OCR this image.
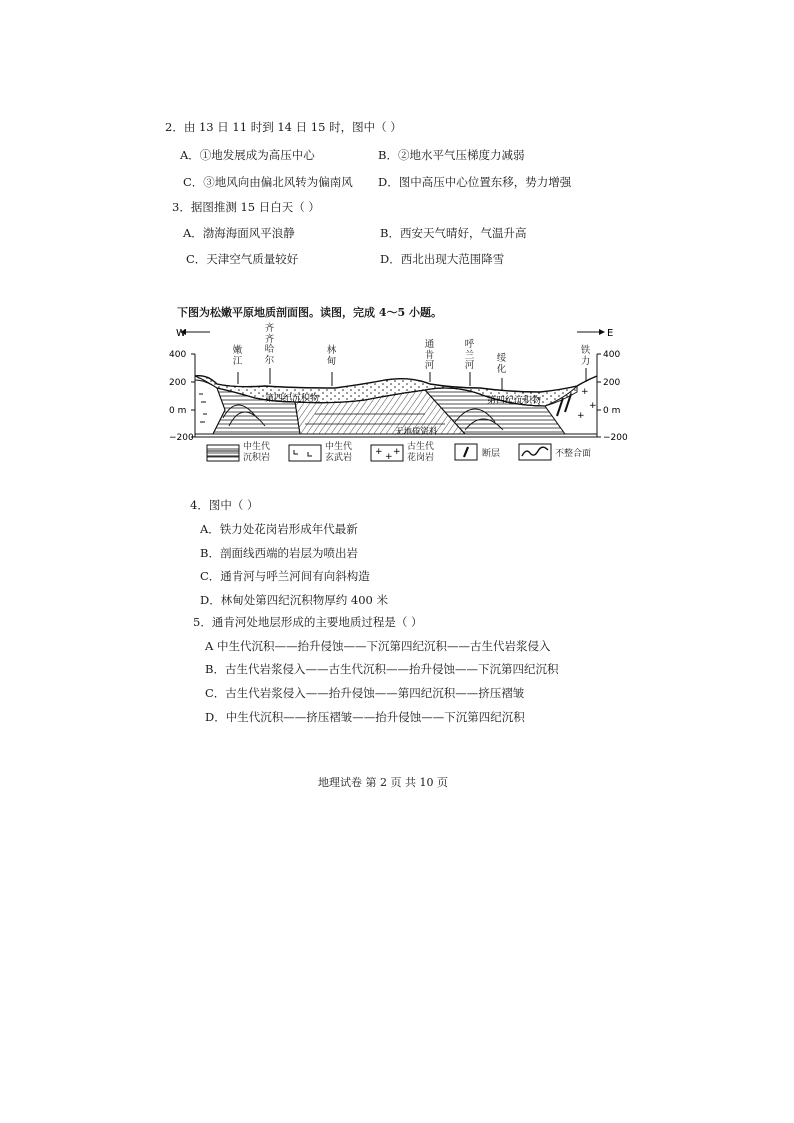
2．由 13 日 11 时到 14 日 15 时，图中（ ）
A．①地发展成为高压中心	B．②地水平气压梯度力减弱
C．③地风向由偏北风转为偏南风 D．图中高压中心位置东移，势力增强
3．据图推测 15 日白天（ ）
A．渤海海面风平浪静	B．西安天气晴好，气温升高
C．天津空气质量较好	D．西北出现大范围降雪
下图为松嫩平原地质剖面图。读图，完成 4～5 小题。
+
+
+
W	E
400
200
0 m
−200
400
200
0 m
−200
第四纪沉积物	第四纪沉积物
无地质资料
嫩江
齐齐哈尔
林甸
通肯河
呼兰河
绥化
铁力
中生代
沉积岩
中生代
玄武岩
+ + + 古生代
花岗岩	断层	不整合面
4．图中（ ）
A．铁力处花岗岩形成年代最新
B．剖面线西端的岩层为喷出岩
C．通肯河与呼兰河间有向斜构造
D．林甸处第四纪沉积物厚约 400 米
5．通肯河处地层形成的主要地质过程是（ ）
A 中生代沉积——抬升侵蚀——下沉第四纪沉积——古生代岩浆侵入
B．古生代岩浆侵入——古生代沉积——抬升侵蚀——下沉第四纪沉积
C．古生代岩浆侵入——抬升侵蚀——第四纪沉积——挤压褶皱
D．中生代沉积——挤压褶皱——抬升侵蚀——下沉第四纪沉积
地理试卷 第 2 页 共 10 页
